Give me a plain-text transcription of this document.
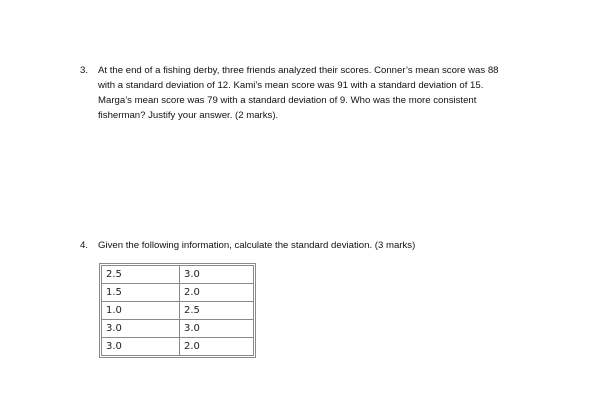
3.	At the end of a fishing derby, three friends analyzed their scores. Conner’s mean score was 88

with a standard deviation of 12. Kami’s mean score was 91 with a standard deviation of 15.

Marga’s mean score was 79 with a standard deviation of 9. Who was the more consistent

fisherman? Justify your answer. (2 marks).

4.	Given the following information, calculate the standard deviation. (3 marks)

2.5	3.0
1.5	2.0
1.0	2.5
3.0	3.0
3.0	2.0
